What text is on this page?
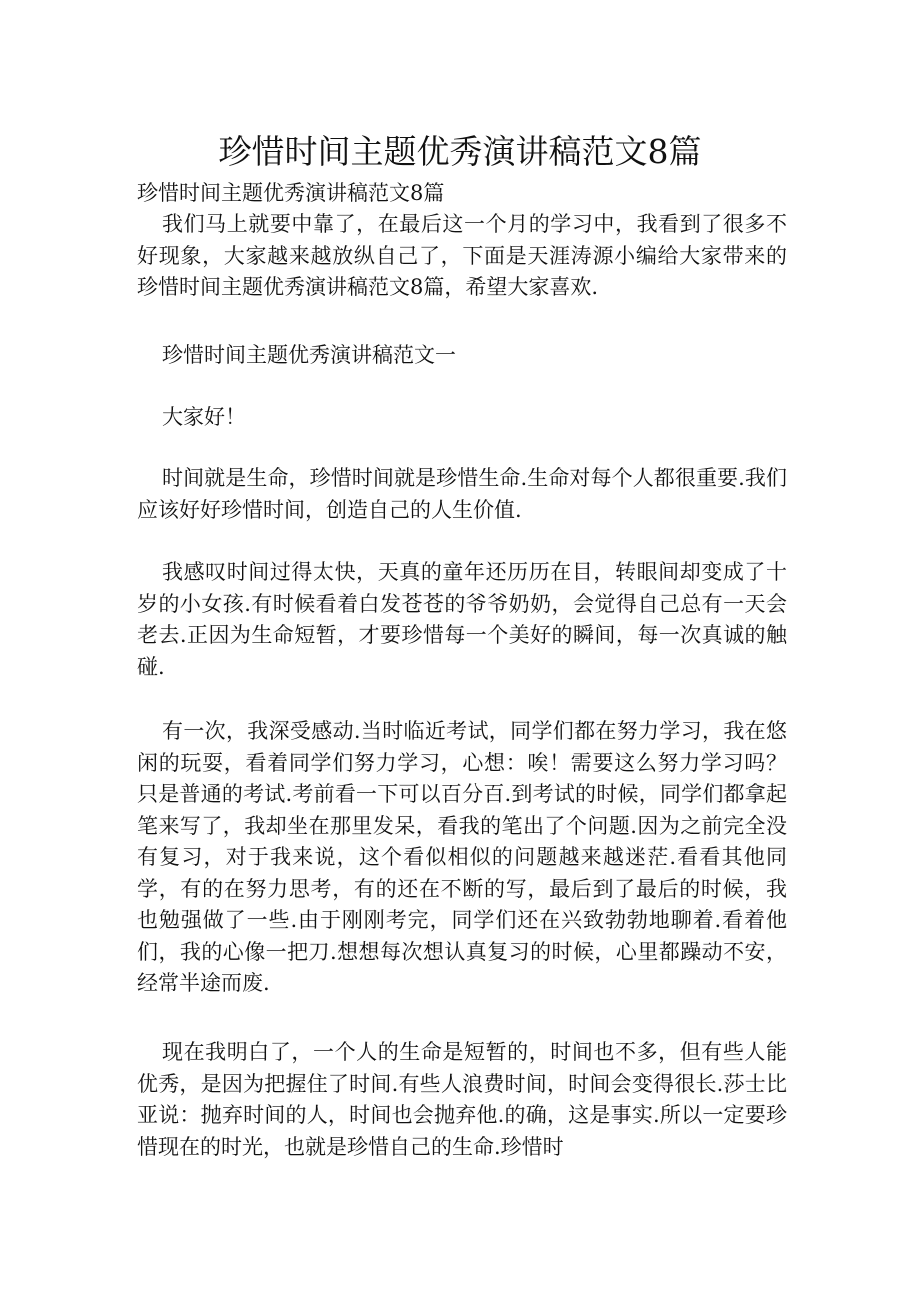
珍惜时间主题优秀演讲稿范文8篇
珍惜时间主题优秀演讲稿范文8篇

我们马上就要中靠了，在最后这一个月的学习中，我看到了很多不好现象，大家越来越放纵自己了，下面是天涯涛源小编给大家带来的珍惜时间主题优秀演讲稿范文8篇，希望大家喜欢.

珍惜时间主题优秀演讲稿范文一

大家好！

时间就是生命，珍惜时间就是珍惜生命.生命对每个人都很重要.我们应该好好珍惜时间，创造自己的人生价值.

我感叹时间过得太快，天真的童年还历历在目，转眼间却变成了十岁的小女孩.有时候看着白发苍苍的爷爷奶奶，会觉得自己总有一天会老去.正因为生命短暂，才要珍惜每一个美好的瞬间，每一次真诚的触碰.

有一次，我深受感动.当时临近考试，同学们都在努力学习，我在悠闲的玩耍，看着同学们努力学习，心想：唉！需要这么努力学习吗？只是普通的考试.考前看一下可以百分百.到考试的时候，同学们都拿起笔来写了，我却坐在那里发呆，看我的笔出了个问题.因为之前完全没有复习，对于我来说，这个看似相似的问题越来越迷茫.看看其他同学，有的在努力思考，有的还在不断的写，最后到了最后的时候，我也勉强做了一些.由于刚刚考完，同学们还在兴致勃勃地聊着.看着他们，我的心像一把刀.想想每次想认真复习的时候，心里都躁动不安，经常半途而废.

现在我明白了，一个人的生命是短暂的，时间也不多，但有些人能优秀，是因为把握住了时间.有些人浪费时间，时间会变得很长.莎士比亚说：抛弃时间的人，时间也会抛弃他.的确，这是事实.所以一定要珍惜现在的时光，也就是珍惜自己的生命.珍惜时
